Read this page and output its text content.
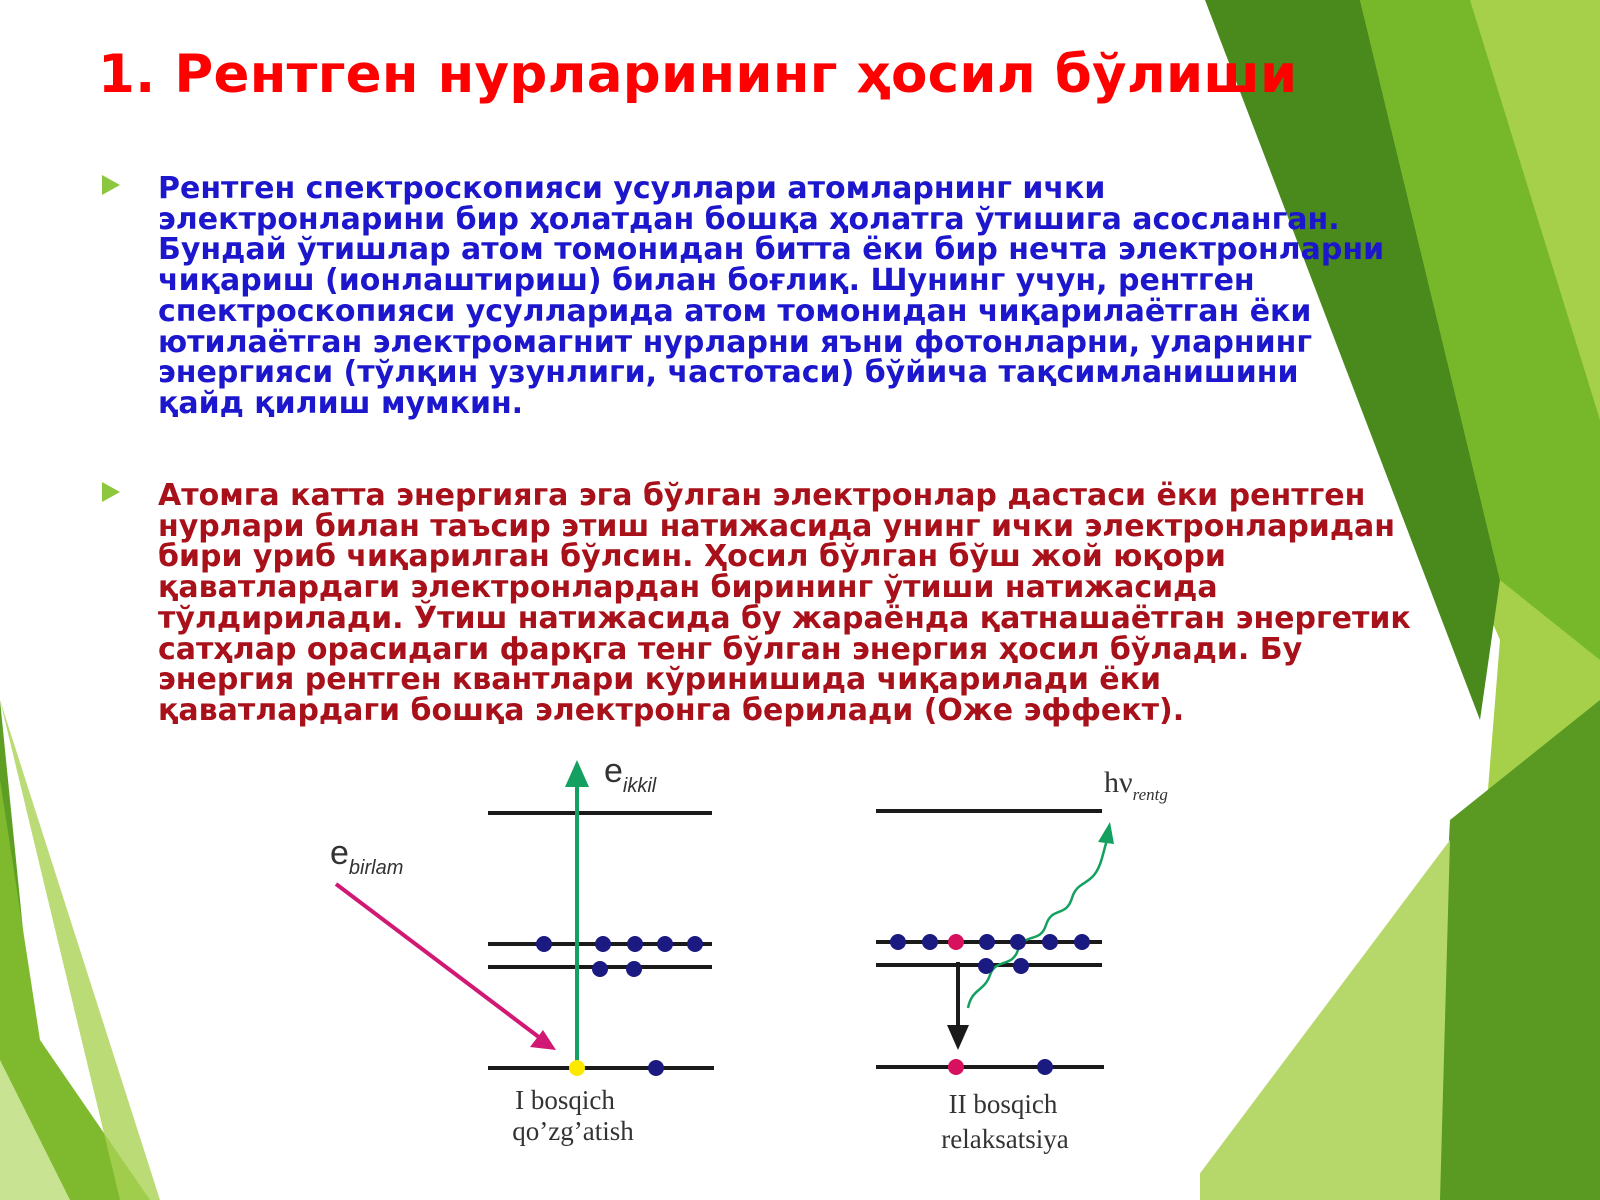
1. Рентген нурларининг ҳосил бўлиши
Рентген спектроскопияси усуллари атомларнинг ички
электронларини бир ҳолатдан бошқа ҳолатга ўтишига асосланган.
Бундай ўтишлар атом томонидан битта ёки бир нечта электронларни
чиқариш (ионлаштириш) билан боғлиқ. Шунинг учун, рентген
спектроскопияси усулларида атом томонидан чиқарилаётган ёки
ютилаётган электромагнит нурларни яъни фотонларни, уларнинг
энергияси (тўлқин узунлиги, частотаси) бўйича тақсимланишини
қайд қилиш мумкин.
Атомга катта энергияга эга бўлган электронлар дастаси ёки рентген
нурлари билан таъсир этиш натижасида унинг ички электронларидан
бири уриб чиқарилган бўлсин. Ҳосил бўлган бўш жой юқори
қаватлардаги электронлардан бирининг ўтиши натижасида
тўлдирилади. Ўтиш натижасида бу жараёнда қатнашаётган энергетик
сатҳлар орасидаги фарқга тенг бўлган энергия ҳосил бўлади. Бу
энергия рентген квантлари кўринишида чиқарилади ёки
қаватлардаги бошқа электронга берилади (Оже эффект).
$e_{birlam}$
$e_{ikkil}$
I bosqich
qo’zg’atish
$h\nu_{rentg}$
II bosqich
relaksatsiya
